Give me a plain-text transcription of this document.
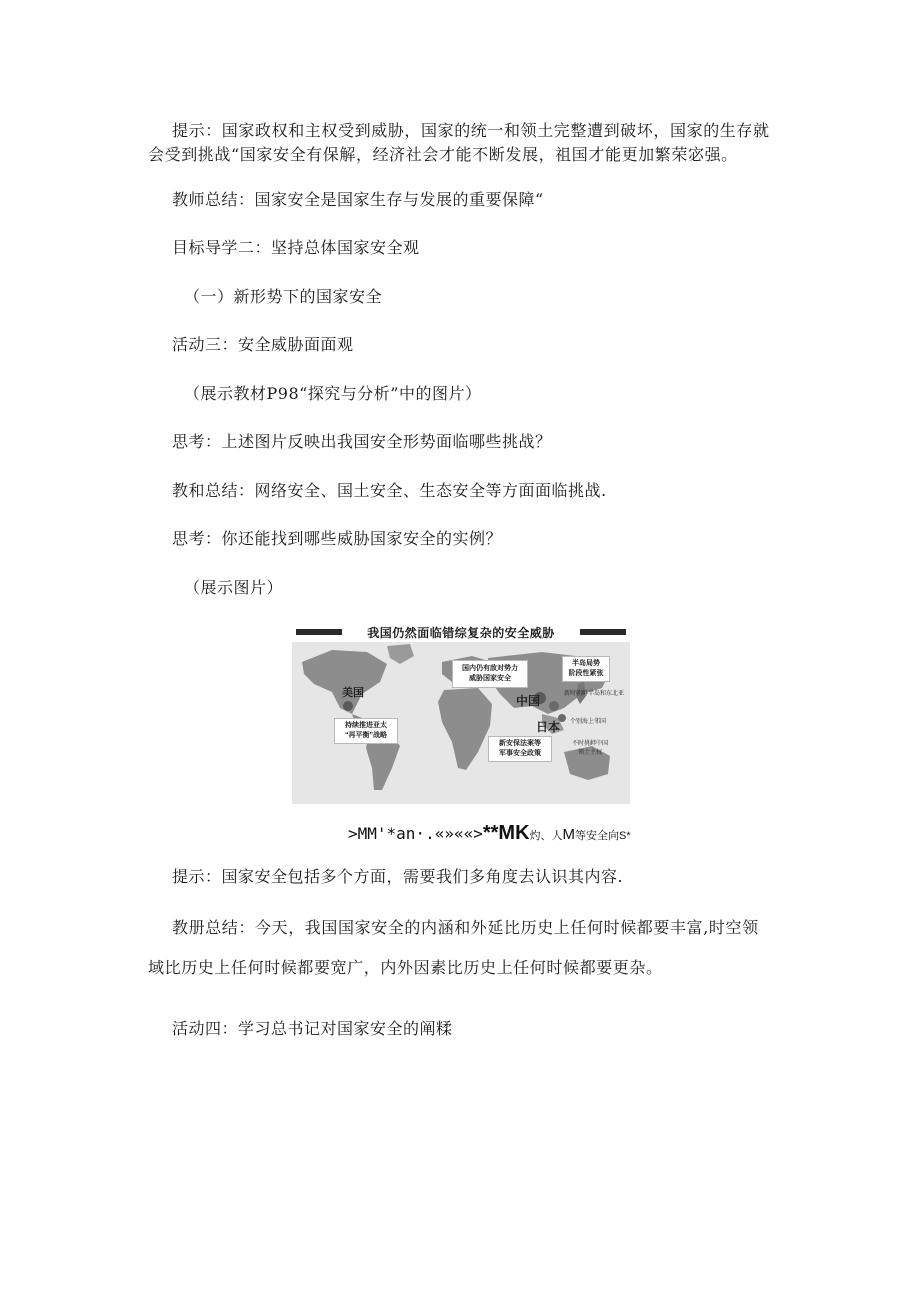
提示：国家政权和主权受到威胁，国家的统一和领土完整遭到破坏，国家的生存就
会受到挑战“国家安全有保解，经济社会才能不断发展，祖国才能更加繁荣宓强。
教师总结：国家安全是国家生存与发展的重要保障“
目标导学二：坚持总体国家安全观
（一）新形势下的国家安全
活动三：安全威胁面面观
（展示教材P98“探究与分析”中的图片）
思考：上述图片反映出我国安全形势面临哪些挑战？
教和总结：网络安全、国土安全、生态安全等方面面临挑战.
思考：你还能找到哪些威胁国家安全的实例？
（展示图片）
我国仍然面临错综复杂的安全威胁
美国
中国
日本
国内仍有敌对势力
威胁国家安全
半岛局势
阶段性紧张
新时朝鲜半岛和东北亚
个别海上邻国
持续推进亚太
“再平衡”战略
新安保法案等
军事安全政策
不时挑衅中国
领土主权
>MM'*an·.«»««>**MK灼、人M等安全向S*
提示：国家安全包括多个方面，需要我们多角度去认识其内容.
教册总结：今天，我国国家安全的内涵和外延比历史上任何时候都要丰富,时空领
域比历史上任何时候都要宽广，内外因素比历史上任何时候都要更杂。
活动四：学习总书记对国家安全的阐糅
